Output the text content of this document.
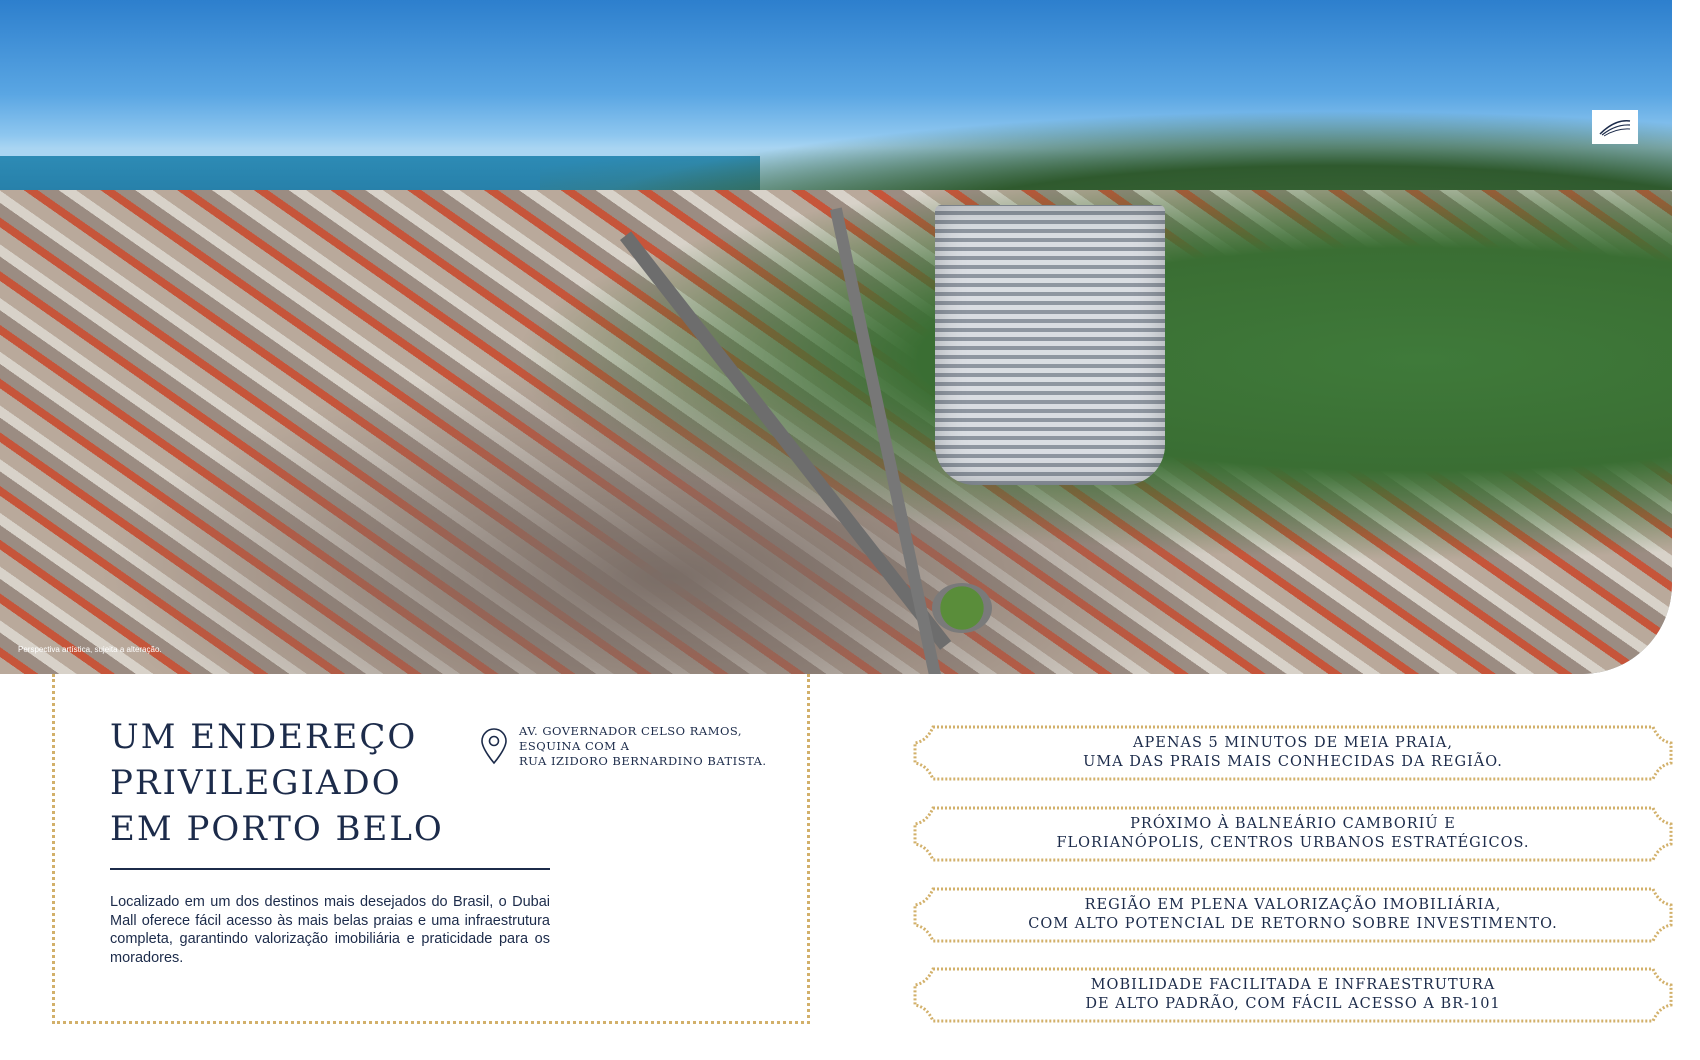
Perspectiva artística, sujeita a alteração.
UM ENDEREÇO
PRIVILEGIADO
EM PORTO BELO

Localizado em um dos destinos mais desejados do Brasil, o Dubai Mall oferece fácil acesso às mais belas praias e uma infraestrutura completa, garantindo valorização imobiliária e praticidade para os moradores.

AV. GOVERNADOR CELSO RAMOS,
ESQUINA COM A
RUA IZIDORO BERNARDINO BATISTA.
APENAS 5 MINUTOS DE MEIA PRAIA,
UMA DAS PRAIS MAIS CONHECIDAS DA REGIÃO.
PRÓXIMO À BALNEÁRIO CAMBORIÚ E
FLORIANÓPOLIS, CENTROS URBANOS ESTRATÉGICOS.
REGIÃO EM PLENA VALORIZAÇÃO IMOBILIÁRIA,
COM ALTO POTENCIAL DE RETORNO SOBRE INVESTIMENTO.
MOBILIDADE FACILITADA E INFRAESTRUTURA
DE ALTO PADRÃO, COM FÁCIL ACESSO A BR-101
